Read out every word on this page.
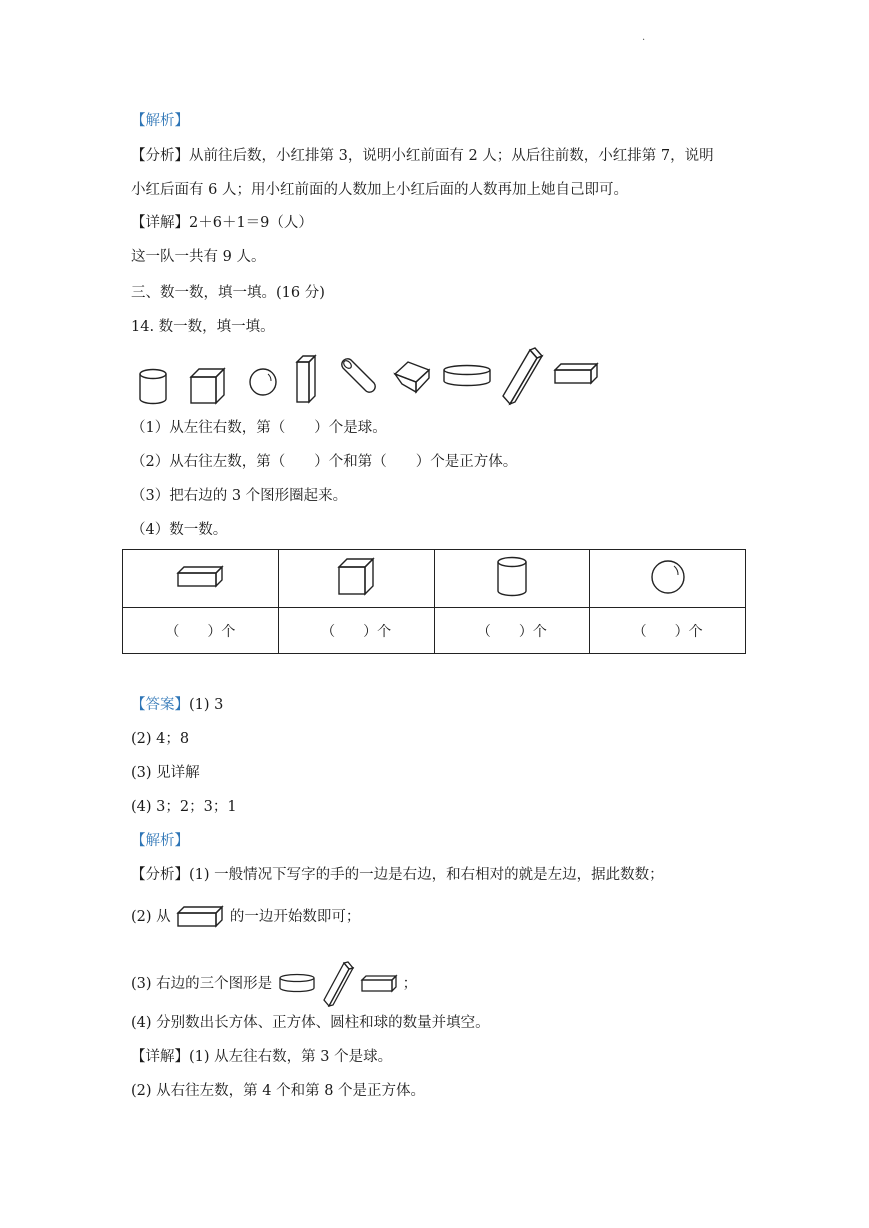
.
【解析】
【分析】从前往后数，小红排第 3，说明小红前面有 2 人；从后往前数，小红排第 7，说明
小红后面有 6 人；用小红前面的人数加上小红后面的人数再加上她自己即可。
【详解】2＋6＋1＝9（人）
这一队一共有 9 人。
三、数一数，填一填。(16 分)
14. 数一数，填一填。
（1）从左往右数，第（　　）个是球。
（2）从右往左数，第（　　）个和第（　　）个是正方体。
（3）把右边的 3 个图形圈起来。
（4）数一数。

（　　）个	（　　）个	（　　）个	（　　）个
【答案】(1) 3
(2) 4；8
(3) 见详解
(4) 3；2；3；1
【解析】
【分析】(1) 一般情况下写字的手的一边是右边，和右相对的就是左边，据此数数；
(2) 从	的一边开始数即可；
(3) 右边的三个图形是	；
(4) 分别数出长方体、正方体、圆柱和球的数量并填空。
【详解】(1) 从左往右数，第 3 个是球。
(2) 从右往左数，第 4 个和第 8 个是正方体。
